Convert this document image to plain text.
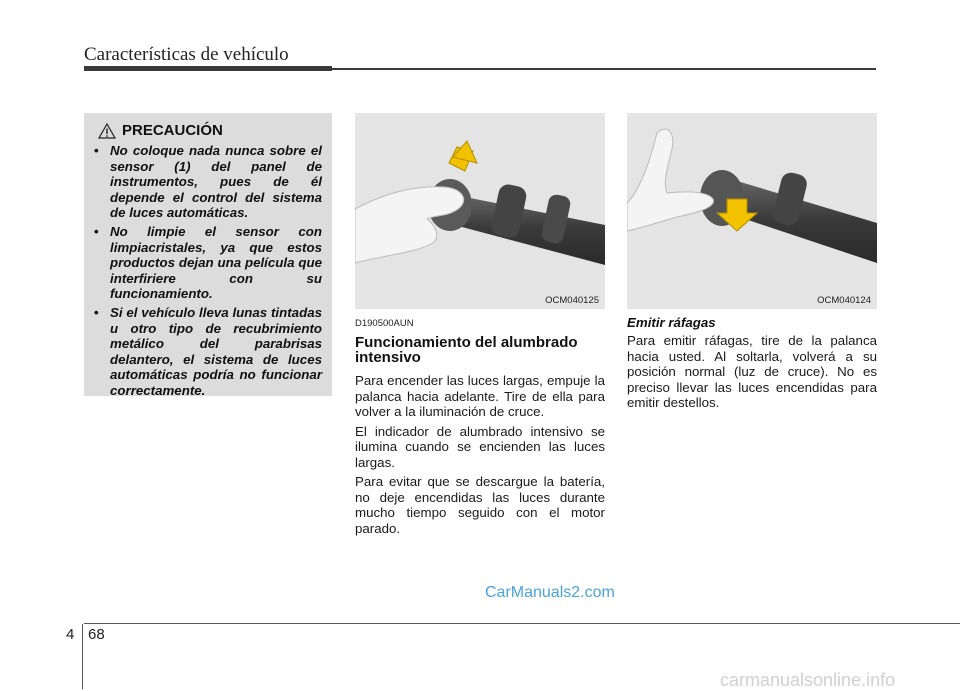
Características de vehículo
PRECAUCIÓN
• No coloque nada nunca sobre el sensor (1) del panel de instrumentos, pues de él depende el control del sistema de luces automáticas.
• No limpie el sensor con limpiacristales, ya que estos productos dejan una película que interfiriere con su funcionamiento.
• Si el vehículo lleva lunas tintadas u otro tipo de recubrimiento metálico del parabrisas delantero, el sistema de luces automáticas podría no funcionar correctamente.
OCM040125	OCM040124
D190500AUN
Funcionamiento del alumbrado intensivo

Para encender las luces largas, empuje la palanca hacia adelante. Tire de ella para volver a la iluminación de cruce.

El indicador de alumbrado intensivo se ilumina cuando se encienden las luces largas.

Para evitar que se descargue la batería, no deje encendidas las luces durante mucho tiempo seguido con el motor parado.

Emitir ráfagas

Para emitir ráfagas, tire de la palanca hacia usted. Al soltarla, volverá a su posición normal (luz de cruce). No es preciso llevar las luces encendidas para emitir destellos.

CarManuals2.com
4 68
carmanualsonline.info
